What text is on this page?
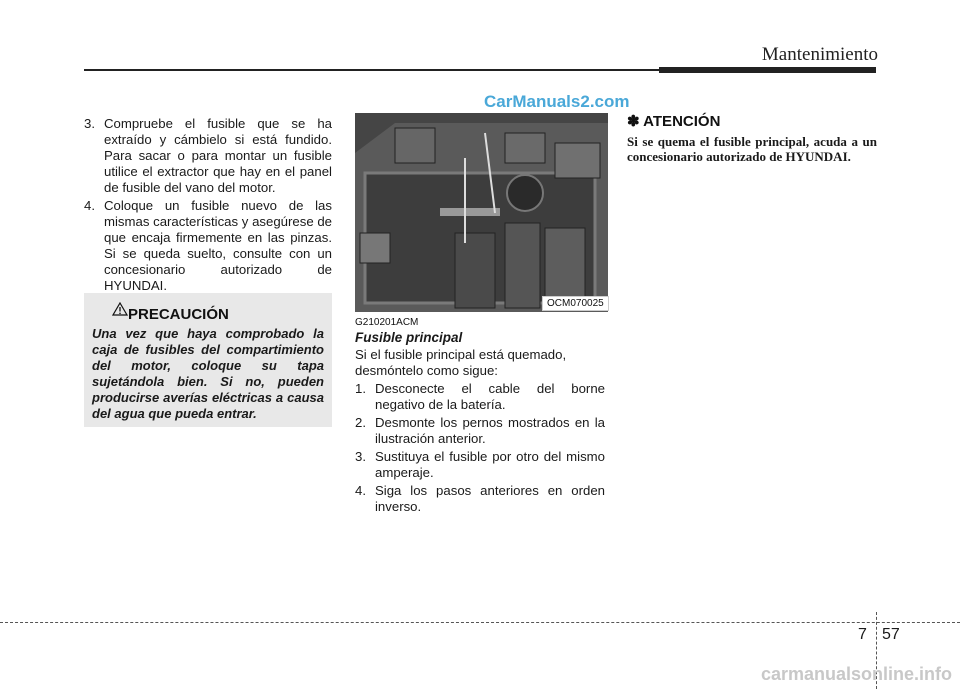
Mantenimiento
CarManuals2.com
3. Compruebe el fusible que se ha extraído y cámbielo si está fundido. Para sacar o para montar un fusible utilice el extractor que hay en el panel de fusible del vano del motor.
4. Coloque un fusible nuevo de las mismas características y asegúrese de que encaja firmemente en las pinzas. Si se queda suelto, consulte con un concesionario autorizado de HYUNDAI.
PRECAUCIÓN
Una vez que haya comprobado la caja de fusibles del compartimiento del motor, coloque su tapa sujetándola bien. Si no, pueden producirse averías eléctricas a causa del agua que pueda entrar.
OCM070025
G210201ACM
Fusible principal
Si el fusible principal está quemado, desmóntelo como sigue:
1. Desconecte el cable del borne negativo de la batería.
2. Desmonte los pernos mostrados en la ilustración anterior.
3. Sustituya el fusible por otro del mismo amperaje.
4. Siga los pasos anteriores en orden inverso.
✽ ATENCIÓN
Si se quema el fusible principal, acuda a un concesionario autorizado de HYUNDAI.
7 57
carmanualsonline.info
